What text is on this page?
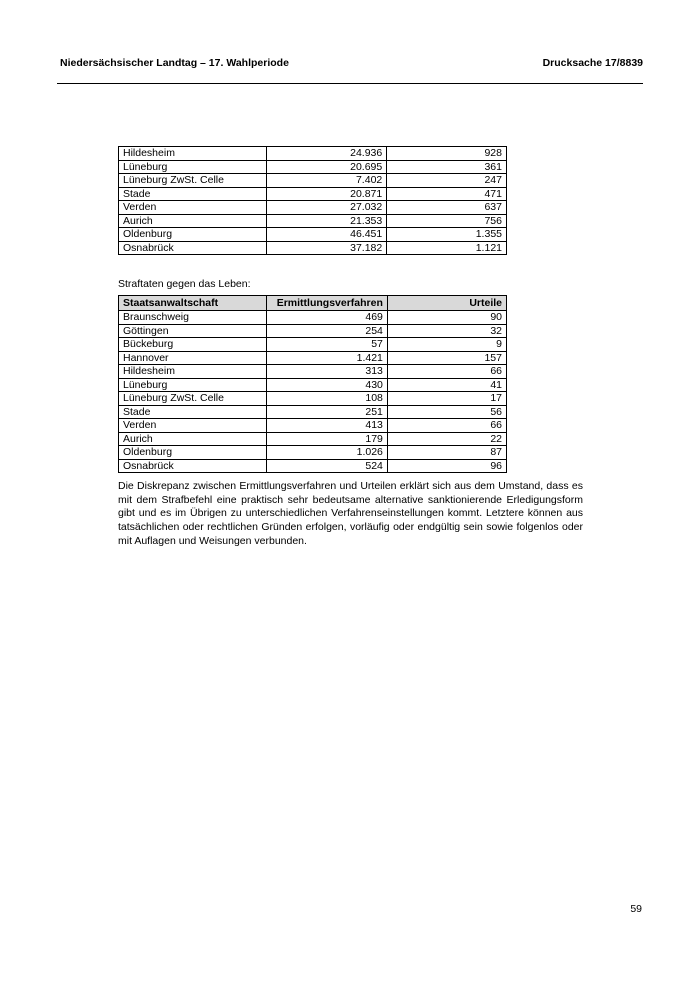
Niedersächsischer Landtag – 17. Wahlperiode	Drucksache 17/8839
Hildesheim	24.936	928
Lüneburg	20.695	361
Lüneburg ZwSt. Celle	7.402	247
Stade	20.871	471
Verden	27.032	637
Aurich	21.353	756
Oldenburg	46.451	1.355
Osnabrück	37.182	1.121
Straftaten gegen das Leben:
Staatsanwaltschaft	Ermittlungsverfahren	Urteile
Braunschweig	469	90
Göttingen	254	32
Bückeburg	57	9
Hannover	1.421	157
Hildesheim	313	66
Lüneburg	430	41
Lüneburg ZwSt. Celle	108	17
Stade	251	56
Verden	413	66
Aurich	179	22
Oldenburg	1.026	87
Osnabrück	524	96
Die Diskrepanz zwischen Ermittlungsverfahren und Urteilen erklärt sich aus dem Umstand, dass es mit dem Strafbefehl eine praktisch sehr bedeutsame alternative sanktionierende Erledigungsform gibt und es im Übrigen zu unterschiedlichen Verfahrenseinstellungen kommt. Letztere können aus tatsächlichen oder rechtlichen Gründen erfolgen, vorläufig oder endgültig sein sowie folgenlos oder mit Auflagen und Weisungen verbunden.
59
